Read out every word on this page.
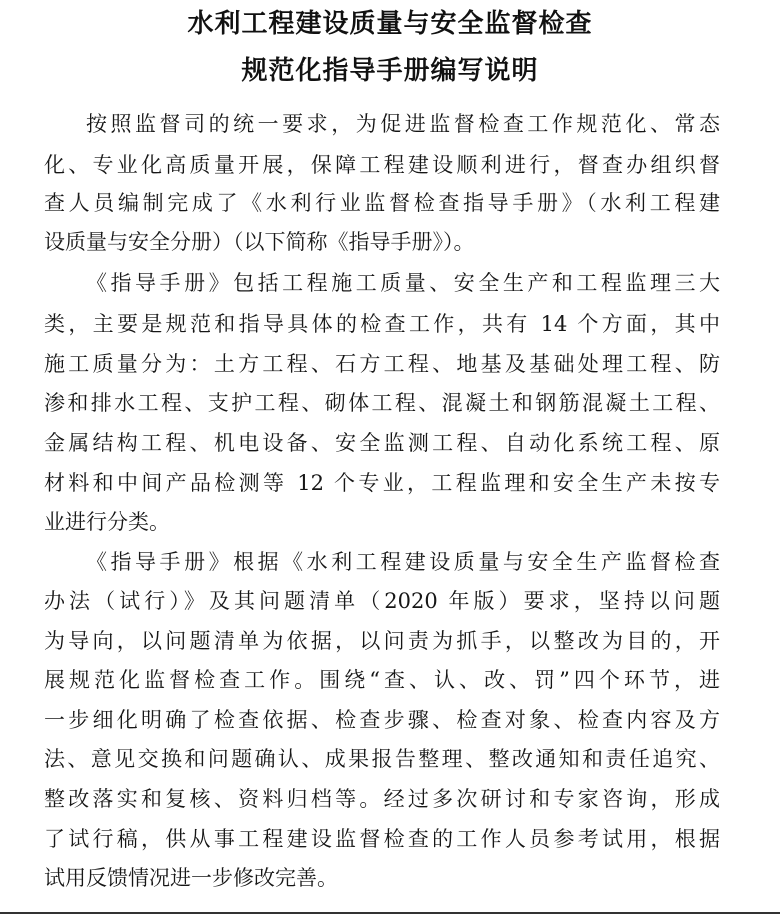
水利工程建设质量与安全监督检查
规范化指导手册编写说明
按照监督司的统一要求，为促进监督检查工作规范化、常态
化、专业化高质量开展，保障工程建设顺利进行，督查办组织督
查人员编制完成了《水利行业监督检查指导手册》（水利工程建
设质量与安全分册）（以下简称《指导手册》）。
《指导手册》包括工程施工质量、安全生产和工程监理三大
类，主要是规范和指导具体的检查工作，共有 14 个方面，其中
施工质量分为：土方工程、石方工程、地基及基础处理工程、防
渗和排水工程、支护工程、砌体工程、混凝土和钢筋混凝土工程、
金属结构工程、机电设备、安全监测工程、自动化系统工程、原
材料和中间产品检测等 12 个专业，工程监理和安全生产未按专
业进行分类。
《指导手册》根据《水利工程建设质量与安全生产监督检查
办法（试行）》及其问题清单（2020 年版）要求，坚持以问题
为导向，以问题清单为依据，以问责为抓手，以整改为目的，开
展规范化监督检查工作。围绕“查、认、改、罚”四个环节，进
一步细化明确了检查依据、检查步骤、检查对象、检查内容及方
法、意见交换和问题确认、成果报告整理、整改通知和责任追究、
整改落实和复核、资料归档等。经过多次研讨和专家咨询，形成
了试行稿，供从事工程建设监督检查的工作人员参考试用，根据
试用反馈情况进一步修改完善。
